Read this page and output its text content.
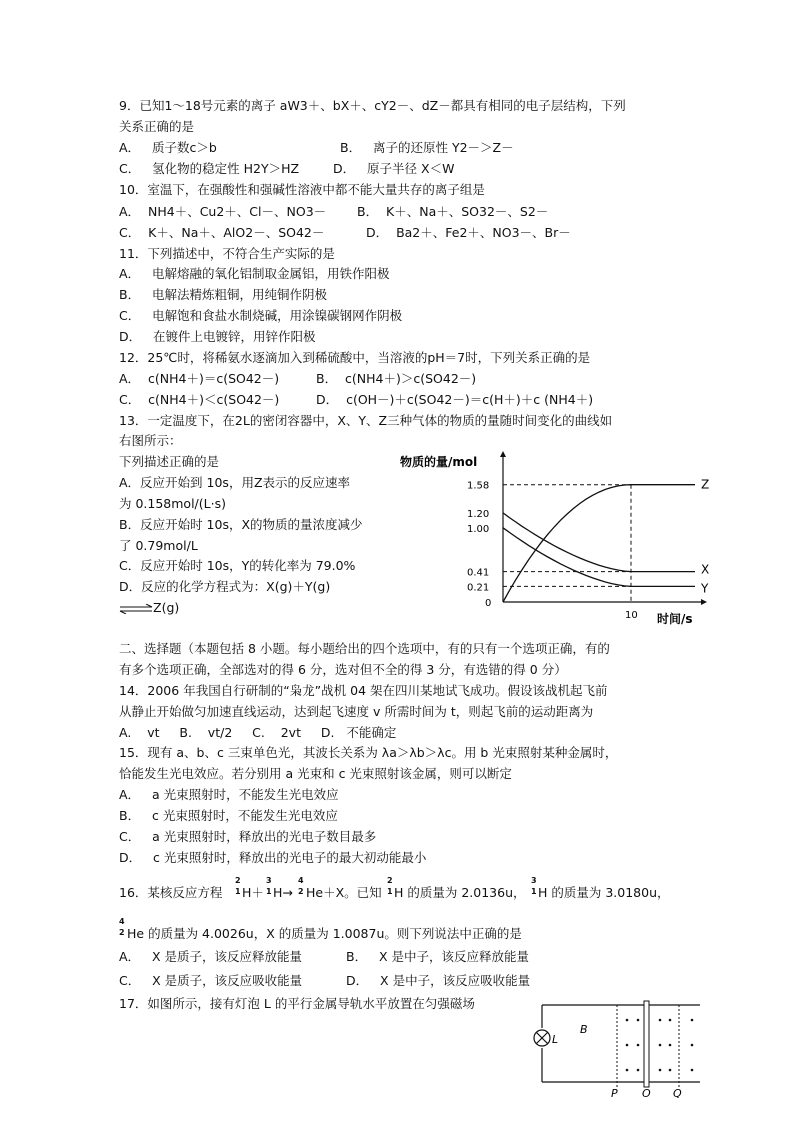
9．已知1～18号元素的离子 aW3＋、bX＋、cY2－、dZ－都具有相同的电子层结构，下列
关系正确的是
A．   质子数c＞b	B．   离子的还原性 Y2－＞Z－
C．   氢化物的稳定性 H2Y＞HZ	D．   原子半径 X＜W
10．室温下，在强酸性和强碱性溶液中都不能大量共存的离子组是
A．  NH4＋、Cu2＋、Cl－、NO3－ B．  K＋、Na＋、SO32－、S2－
C．  K＋、Na＋、AlO2－、SO42－	D．  Ba2＋、Fe2＋、NO3－、Br－
11．下列描述中，不符合生产实际的是
A．   电解熔融的氧化铝制取金属铝，用铁作阳极
B．   电解法精炼粗铜，用纯铜作阴极
C．   电解饱和食盐水制烧碱，用涂镍碳钢网作阴极
D．   在镀件上电镀锌，用锌作阳极
12．25℃时，将稀氨水逐滴加入到稀硫酸中，当溶液的pH＝7时，下列关系正确的是
A．  c(NH4＋)＝c(SO42－)	B．  c(NH4＋)＞c(SO42－)
C．  c(NH4＋)＜c(SO42－)	D．  c(OH－)＋c(SO42－)＝c(H＋)＋c (NH4＋)
13．一定温度下，在2L的密闭容器中，X、Y、Z三种气体的物质的量随时间变化的曲线如
右图所示：
下列描述正确的是
A．反应开始到 10s，用Z表示的反应速率
为 0.158mol/(L·s)
B．反应开始时 10s，X的物质的量浓度减少
了 0.79mol/L
C．反应开始时 10s，Y的转化率为 79.0%
D．反应的化学方程式为：X(g)＋Y(g)
⇌ Z(g)
物质的量/mol
时间/s
1.58
1.20
1.00
0.41
0.21
0
10
Z
X
Y
二、选择题（本题包括 8 小题。每小题给出的四个选项中，有的只有一个选项正确，有的
有多个选项正确，全部选对的得 6 分，选对但不全的得 3 分，有选错的得 0 分）
14．2006 年我国自行研制的“枭龙”战机 04 架在四川某地试飞成功。假设该战机起飞前
从静止开始做匀加速直线运动，达到起飞速度 v 所需时间为 t，则起飞前的运动距离为
A.    vt     B.    vt/2     C.    2vt     D.   不能确定
15．现有 a、b、c 三束单色光，其波长关系为 λa＞λb＞λc。用 b 光束照射某种金属时，
恰能发生光电效应。若分别用 a 光束和 c 光束照射该金属，则可以断定
A．   a 光束照射时，不能发生光电效应
B．   c 光束照射时，不能发生光电效应
C．   a 光束照射时，释放出的光电子数目最多
D．   c 光束照射时，释放出的光电子的最大初动能最小
16．某核反应方程
2
1 H＋
3
1 H→
4
2 He＋X。已知
2
1 H 的质量为 2.0136u，
3
1 H 的质量为 3.0180u，
4
2 He 的质量为 4.0026u，X 的质量为 1.0087u。则下列说法中正确的是
A．   X 是质子，该反应释放能量	B．   X 是中子，该反应释放能量
C．   X 是质子，该反应吸收能量	D．   X 是中子，该反应吸收能量
17．如图所示，接有灯泡 L 的平行金属导轨水平放置在匀强磁场
L
B
P O Q
